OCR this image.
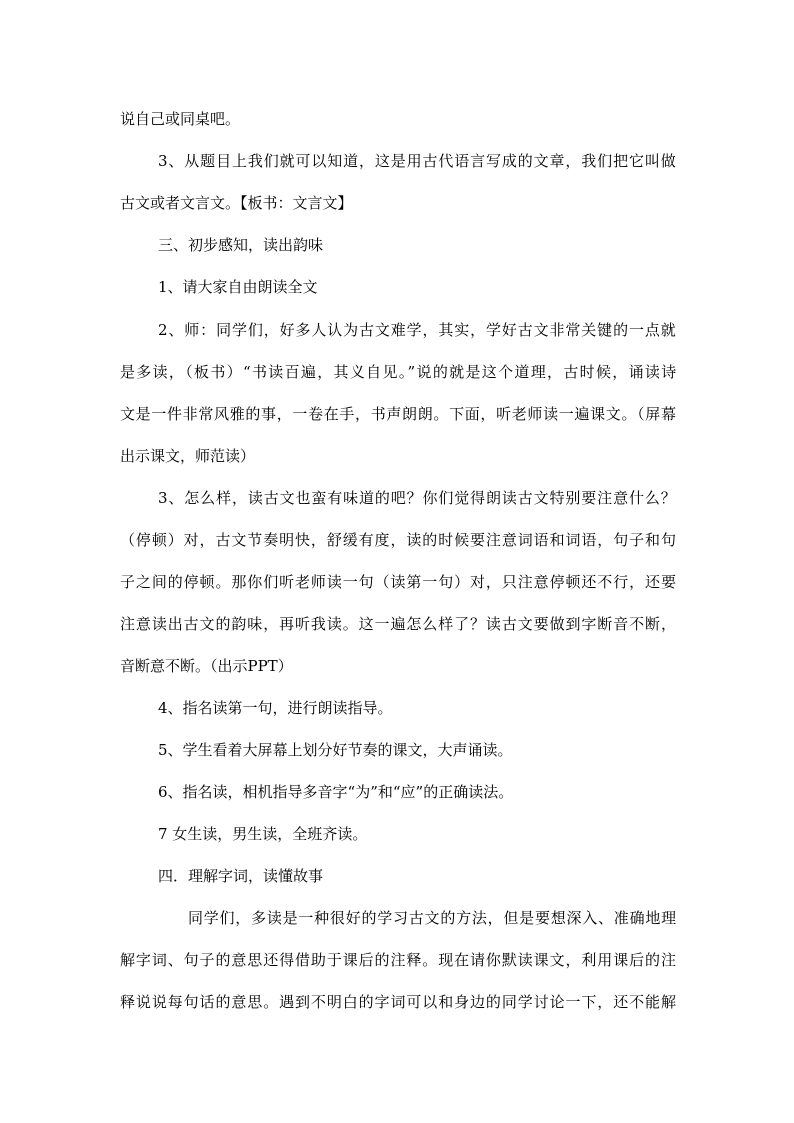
说自己或同桌吧。

3、从题目上我们就可以知道，这是用古代语言写成的文章，我们把它叫做

古文或者文言文。【板书：文言文】

三、初步感知，读出韵味

1、请大家自由朗读全文

2、师：同学们，好多人认为古文难学，其实，学好古文非常关键的一点就

是多读，（板书）“书读百遍，其义自见。”说的就是这个道理，古时候，诵读诗

文是一件非常风雅的事，一卷在手，书声朗朗。下面，听老师读一遍课文。（屏幕

出示课文，师范读）

3、怎么样，读古文也蛮有味道的吧？你们觉得朗读古文特别要注意什么？

（停顿）对，古文节奏明快，舒缓有度，读的时候要注意词语和词语，句子和句

子之间的停顿。那你们听老师读一句（读第一句）对，只注意停顿还不行，还要

注意读出古文的韵味，再听我读。这一遍怎么样了？读古文要做到字断音不断，

音断意不断。（出示PPT）

4、指名读第一句，进行朗读指导。

5、学生看着大屏幕上划分好节奏的课文，大声诵读。

6、指名读，相机指导多音字“为”和“应”的正确读法。

7 女生读，男生读，全班齐读。

四．理解字词，读懂故事

同学们，多读是一种很好的学习古文的方法，但是要想深入、准确地理

解字词、句子的意思还得借助于课后的注释。现在请你默读课文，利用课后的注

释说说每句话的意思。遇到不明白的字词可以和身边的同学讨论一下，还不能解
